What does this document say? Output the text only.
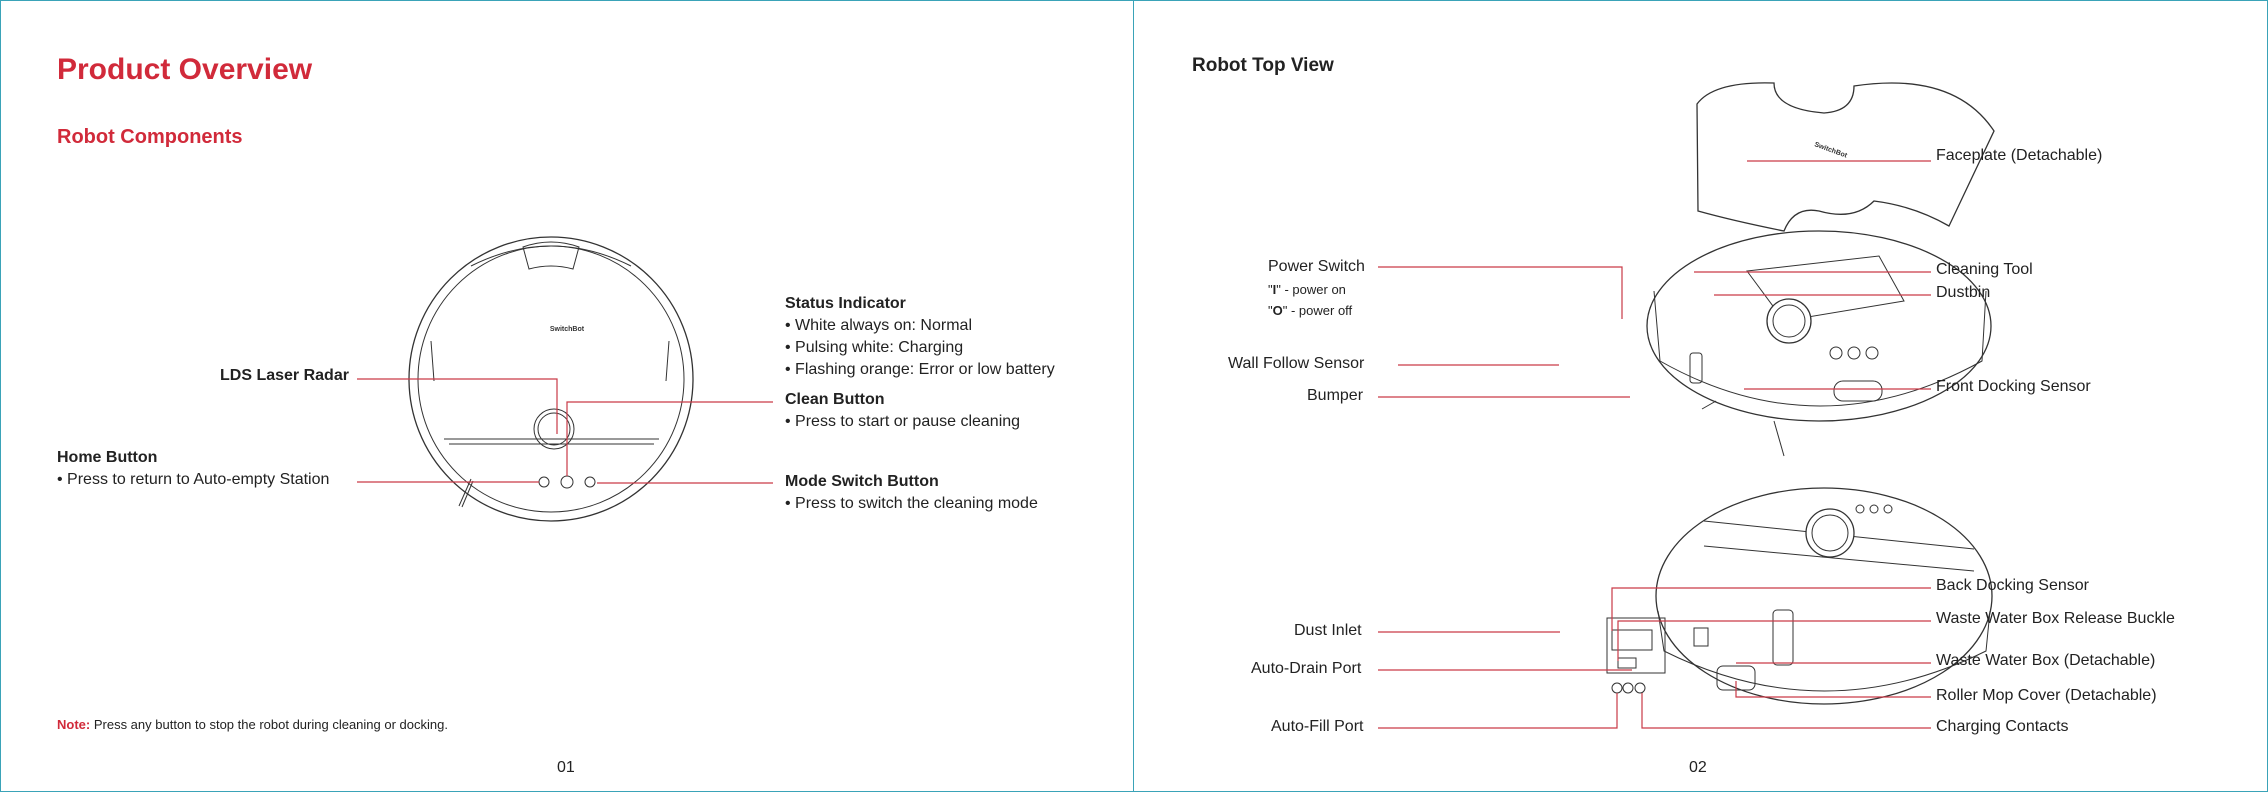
SwitchBot
Product Overview
Robot Components
LDS Laser Radar
Home Button
• Press to return to Auto-empty Station
Status Indicator
• White always on: Normal
• Pulsing white: Charging
• Flashing orange: Error or low battery
Clean Button
• Press to start or pause cleaning
Mode Switch Button
• Press to switch the cleaning mode
Note: Press any button to stop the robot during cleaning or docking.
01
SwitchBot
Robot Top View
Faceplate (Detachable)
Power Switch
"I" - power on
"O" - power off
Cleaning Tool
Dustbin
Wall Follow Sensor
Bumper
Front Docking Sensor
Back Docking Sensor
Waste Water Box Release Buckle
Dust Inlet
Auto-Drain Port	Waste Water Box (Detachable)
Roller Mop Cover (Detachable)
Auto-Fill Port	Charging Contacts
02
